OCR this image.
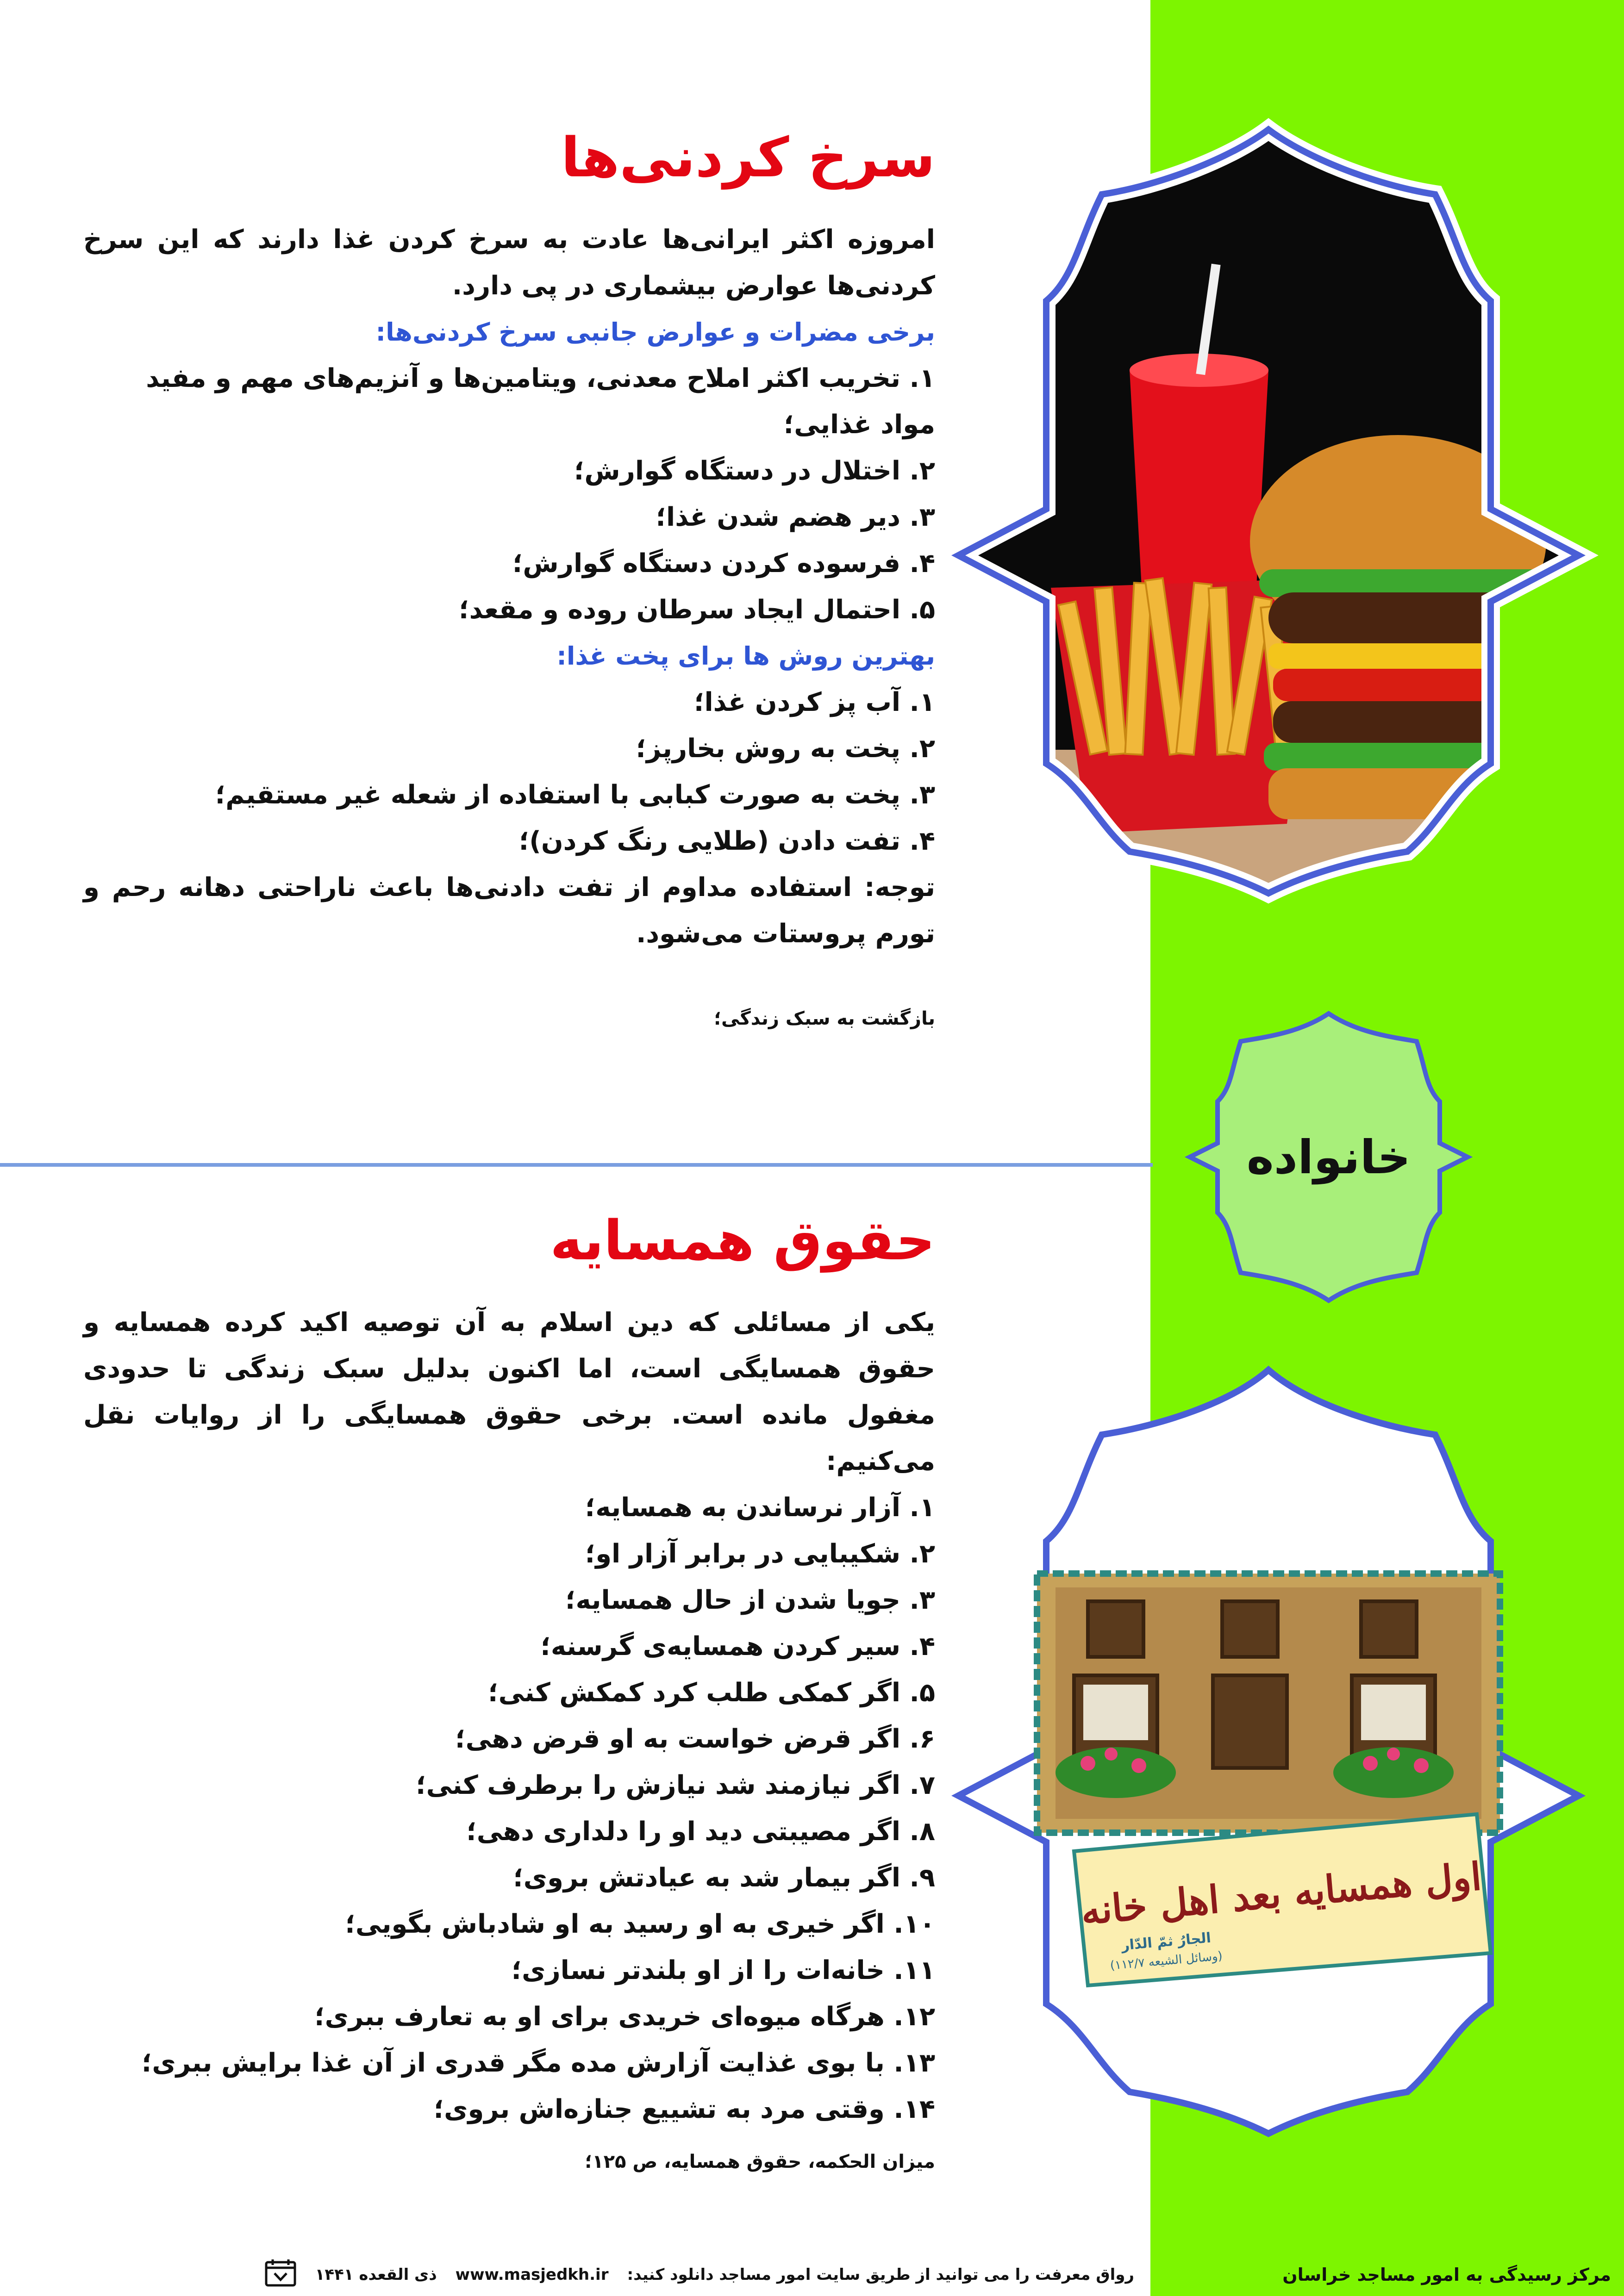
سرخ کردنی‌ها

امروزه اکثر ایرانی‌ها عادت به سرخ کردن غذا دارند که این سرخ کردنی‌ها عوارض بیشماری در پی دارد.

برخی مضرات و عوارض جانبی سرخ کردنی‌ها:

۱. تخریب اکثر املاح معدنی، ویتامین‌ها و آنزیم‌های مهم و مفید مواد غذایی؛
۲. اختلال در دستگاه گوارش؛
۳. دیر هضم شدن غذا؛
۴. فرسوده کردن دستگاه گوارش؛
۵. احتمال ایجاد سرطان روده و مقعد؛

بهترین روش ها برای پخت غذا:

۱. آب پز کردن غذا؛
۲. پخت به روش بخارپز؛
۳. پخت به صورت کبابی با استفاده از شعله غیر مستقیم؛
۴. تفت دادن (طلایی رنگ کردن)؛

توجه: استفاده مداوم از تفت دادنی‌ها باعث ناراحتی دهانه رحم و تورم پروستات می‌شود.

بازگشت به سبک زندگی؛

خانواده
حقوق همسایه

یکی از مسائلی که دین اسلام به آن توصیه اکید کرده همسایه و حقوق همسایگی است، اما اکنون بدلیل سبک زندگی تا حدودی مغفول مانده است. برخی حقوق همسایگی را از روایات نقل می‌کنیم:

۱. آزار نرساندن به همسایه؛
۲. شکیبایی در برابر آزار او؛
۳. جویا شدن از حال همسایه؛
۴. سیر کردن همسایه‌ی گرسنه؛
۵. اگر کمکی طلب کرد کمکش کنی؛
۶. اگر قرض خواست به او قرض دهی؛
۷. اگر نیازمند شد نیازش را برطرف کنی؛
۸. اگر مصیبتی دید او را دلداری دهی؛
۹. اگر بیمار شد به عیادتش بروی؛
۱۰. اگر خیری به او رسید به او شادباش بگویی؛
۱۱. خانه‌ات را از او بلندتر نسازی؛
۱۲. هرگاه میوه‌ای خریدی برای او به تعارف ببری؛
۱۳. با بوی غذایت آزارش مده مگر قدری از آن غذا برایش ببری؛
۱۴. وقتی مرد به تشییع جنازه‌اش بروی؛

میزان الحکمه، حقوق همسایه، ص ۱۲۵؛

اول همسایه بعد اهل خانه
الجارُ ثمّ الدّار
(وسائل الشیعه ۱۱۲/۷)
رواق معرفت را می توانید از طریق سایت امور مساجد دانلود کنید:
www.masjedkh.ir
ذی القعده ۱۴۴۱	مرکز رسیدگی به امور مساجد خراسان
